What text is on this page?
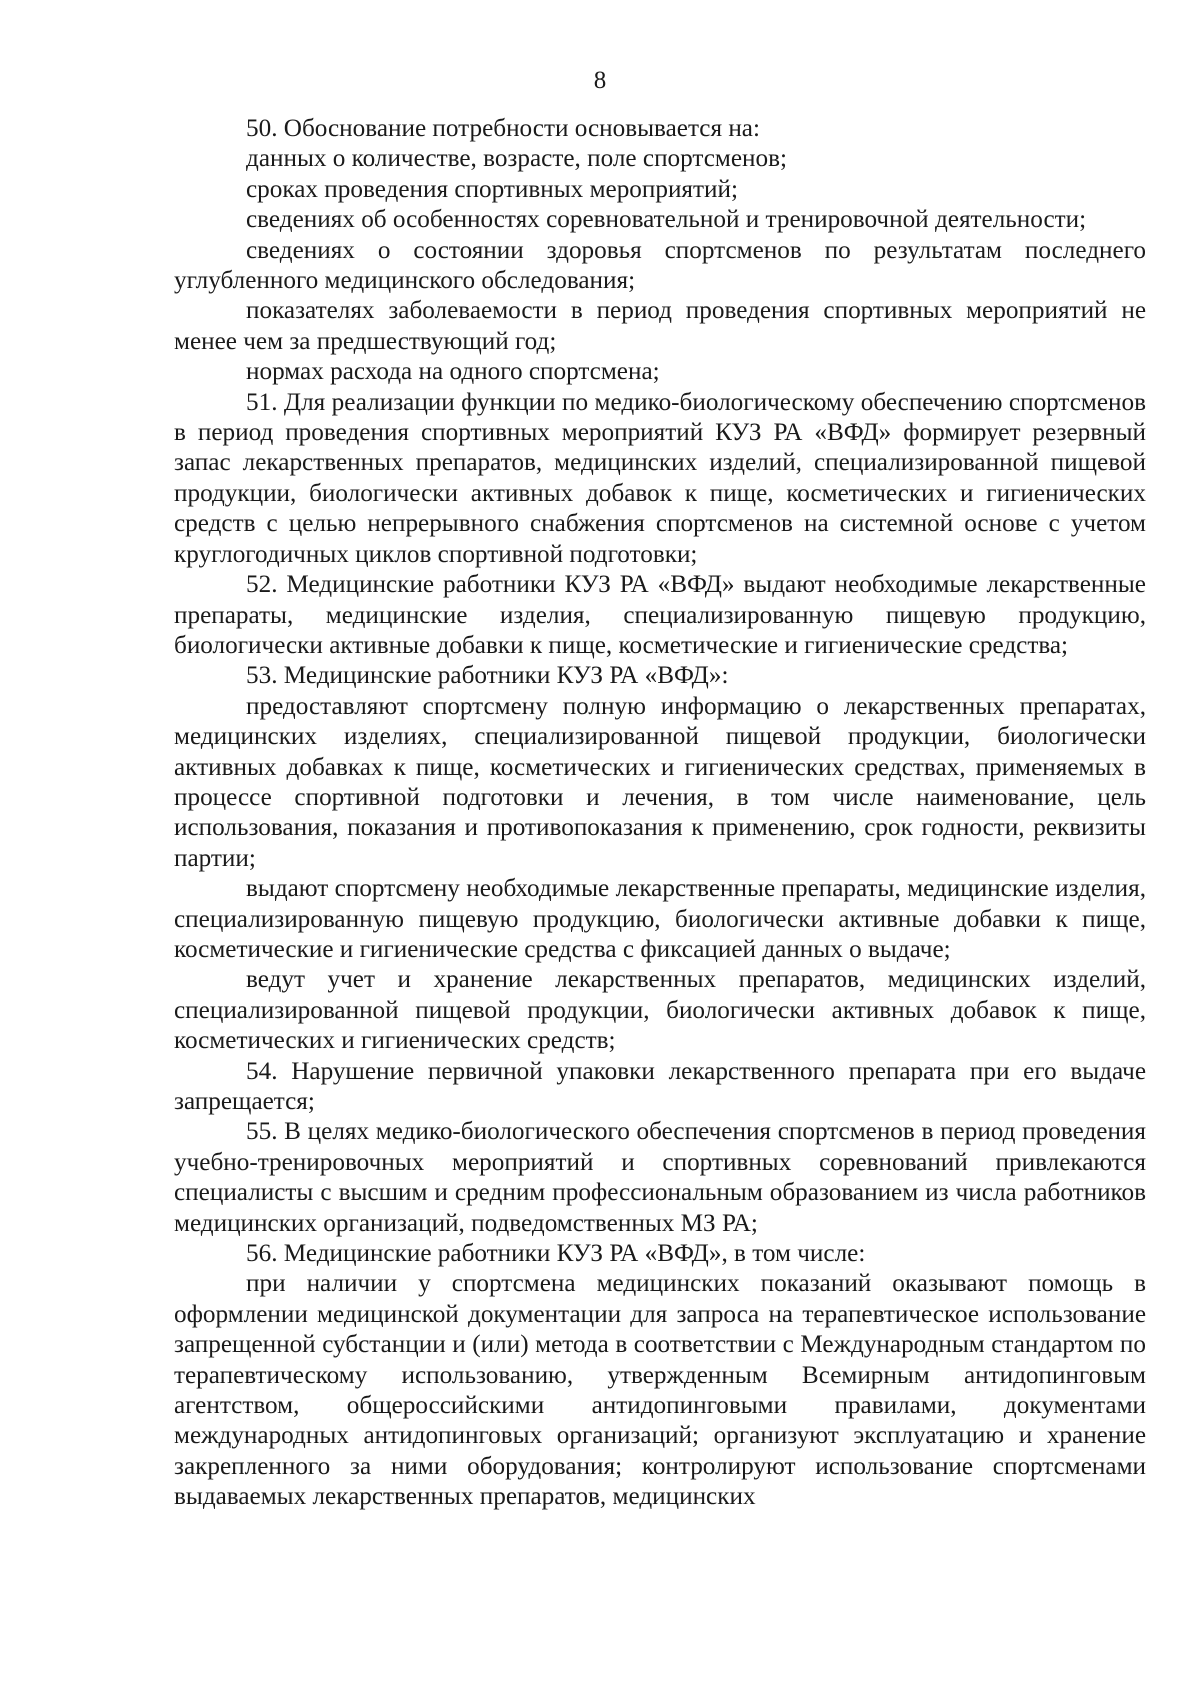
8

50. Обоснование потребности основывается на:

данных о количестве, возрасте, поле спортсменов;

сроках проведения спортивных мероприятий;

сведениях об особенностях соревновательной и тренировочной деятельности;

сведениях о состоянии здоровья спортсменов по результатам последнего углубленного медицинского обследования;

показателях заболеваемости в период проведения спортивных мероприятий не менее чем за предшествующий год;

нормах расхода на одного спортсмена;

51. Для реализации функции по медико-биологическому обеспечению спортсменов в период проведения спортивных мероприятий КУЗ РА «ВФД» формирует резервный запас лекарственных препаратов, медицинских изделий, специализированной пищевой продукции, биологически активных добавок к пище, косметических и гигиенических средств с целью непрерывного снабжения спортсменов на системной основе с учетом круглогодичных циклов спортивной подготовки;

52. Медицинские работники КУЗ РА «ВФД» выдают необходимые лекарственные препараты, медицинские изделия, специализированную пищевую продукцию, биологически активные добавки к пище, косметические и гигиенические средства;

53. Медицинские работники КУЗ РА «ВФД»:

предоставляют спортсмену полную информацию о лекарственных препаратах, медицинских изделиях, специализированной пищевой продукции, биологически активных добавках к пище, косметических и гигиенических средствах, применяемых в процессе спортивной подготовки и лечения, в том числе наименование, цель использования, показания и противопоказания к применению, срок годности, реквизиты партии;

выдают спортсмену необходимые лекарственные препараты, медицинские изделия, специализированную пищевую продукцию, биологически активные добавки к пище, косметические и гигиенические средства с фиксацией данных о выдаче;

ведут учет и хранение лекарственных препаратов, медицинских изделий, специализированной пищевой продукции, биологически активных добавок к пище, косметических и гигиенических средств;

54. Нарушение первичной упаковки лекарственного препарата при его выдаче запрещается;

55. В целях медико-биологического обеспечения спортсменов в период проведения учебно-тренировочных мероприятий и спортивных соревнований привлекаются специалисты с высшим и средним профессиональным образованием из числа работников медицинских организаций, подведомственных МЗ РА;

56. Медицинские работники КУЗ РА «ВФД», в том числе:

при наличии у спортсмена медицинских показаний оказывают помощь в оформлении медицинской документации для запроса на терапевтическое использование запрещенной субстанции и (или) метода в соответствии с Международным стандартом по терапевтическому использованию, утвержденным Всемирным антидопинговым агентством, общероссийскими антидопинговыми правилами, документами международных антидопинговых организаций; организуют эксплуатацию и хранение закрепленного за ними оборудования; контролируют использование спортсменами выдаваемых лекарственных препаратов, медицинских
